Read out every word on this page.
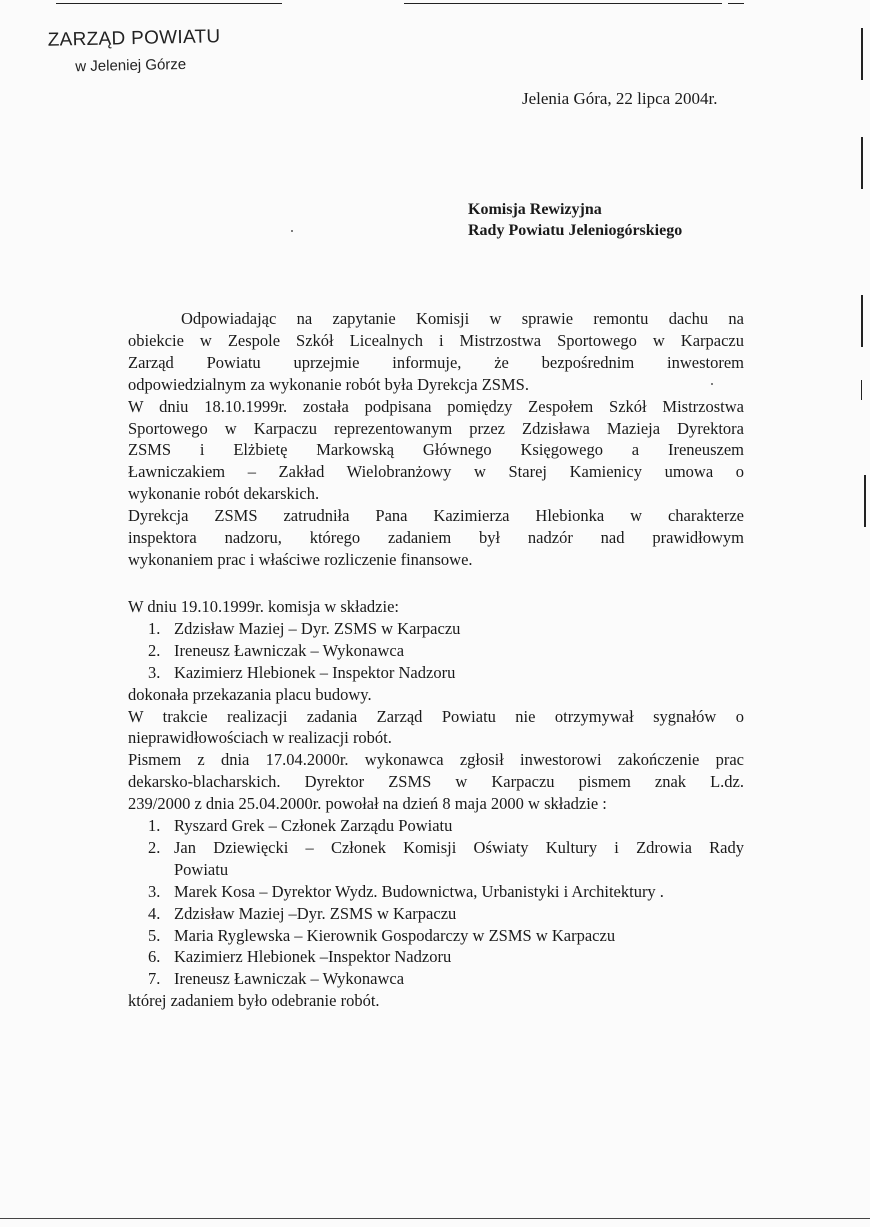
ZARZĄD POWIATU
w Jeleniej Górze
Jelenia Góra, 22 lipca 2004r.
Komisja Rewizyjna
Rady Powiatu Jeleniogórskiego
Odpowiadając na zapytanie Komisji w sprawie remontu dachu na
obiekcie w Zespole Szkół Licealnych i Mistrzostwa Sportowego w Karpaczu
Zarząd Powiatu uprzejmie informuje, że bezpośrednim inwestorem
odpowiedzialnym za wykonanie robót była Dyrekcja ZSMS.
W dniu 18.10.1999r. została podpisana pomiędzy Zespołem Szkół Mistrzostwa
Sportowego w Karpaczu reprezentowanym przez Zdzisława Mazieja Dyrektora
ZSMS i Elżbietę Markowską Głównego Księgowego a Ireneuszem
Ławniczakiem – Zakład Wielobranżowy w Starej Kamienicy umowa o
wykonanie robót dekarskich.
Dyrekcja ZSMS zatrudniła Pana Kazimierza Hlebionka w charakterze
inspektora nadzoru, którego zadaniem był nadzór nad prawidłowym
wykonaniem prac i właściwe rozliczenie finansowe.
W dniu 19.10.1999r. komisja w składzie:
1. Zdzisław Maziej – Dyr. ZSMS w Karpaczu
2. Ireneusz Ławniczak – Wykonawca
3. Kazimierz Hlebionek – Inspektor Nadzoru
dokonała przekazania placu budowy.
W trakcie realizacji zadania Zarząd Powiatu nie otrzymywał sygnałów o
nieprawidłowościach w realizacji robót.
Pismem z dnia 17.04.2000r. wykonawca zgłosił inwestorowi zakończenie prac
dekarsko-blacharskich. Dyrektor ZSMS w Karpaczu pismem znak L.dz.
239/2000 z dnia 25.04.2000r. powołał na dzień 8 maja 2000 w składzie :
1. Ryszard Grek – Członek Zarządu Powiatu
2. Jan Dziewięcki – Członek Komisji Oświaty Kultury i Zdrowia Rady
Powiatu
3. Marek Kosa – Dyrektor Wydz. Budownictwa, Urbanistyki i Architektury .
4. Zdzisław Maziej –Dyr. ZSMS w Karpaczu
5. Maria Ryglewska – Kierownik Gospodarczy w ZSMS w Karpaczu
6. Kazimierz Hlebionek –Inspektor Nadzoru
7. Ireneusz Ławniczak – Wykonawca
której zadaniem było odebranie robót.
